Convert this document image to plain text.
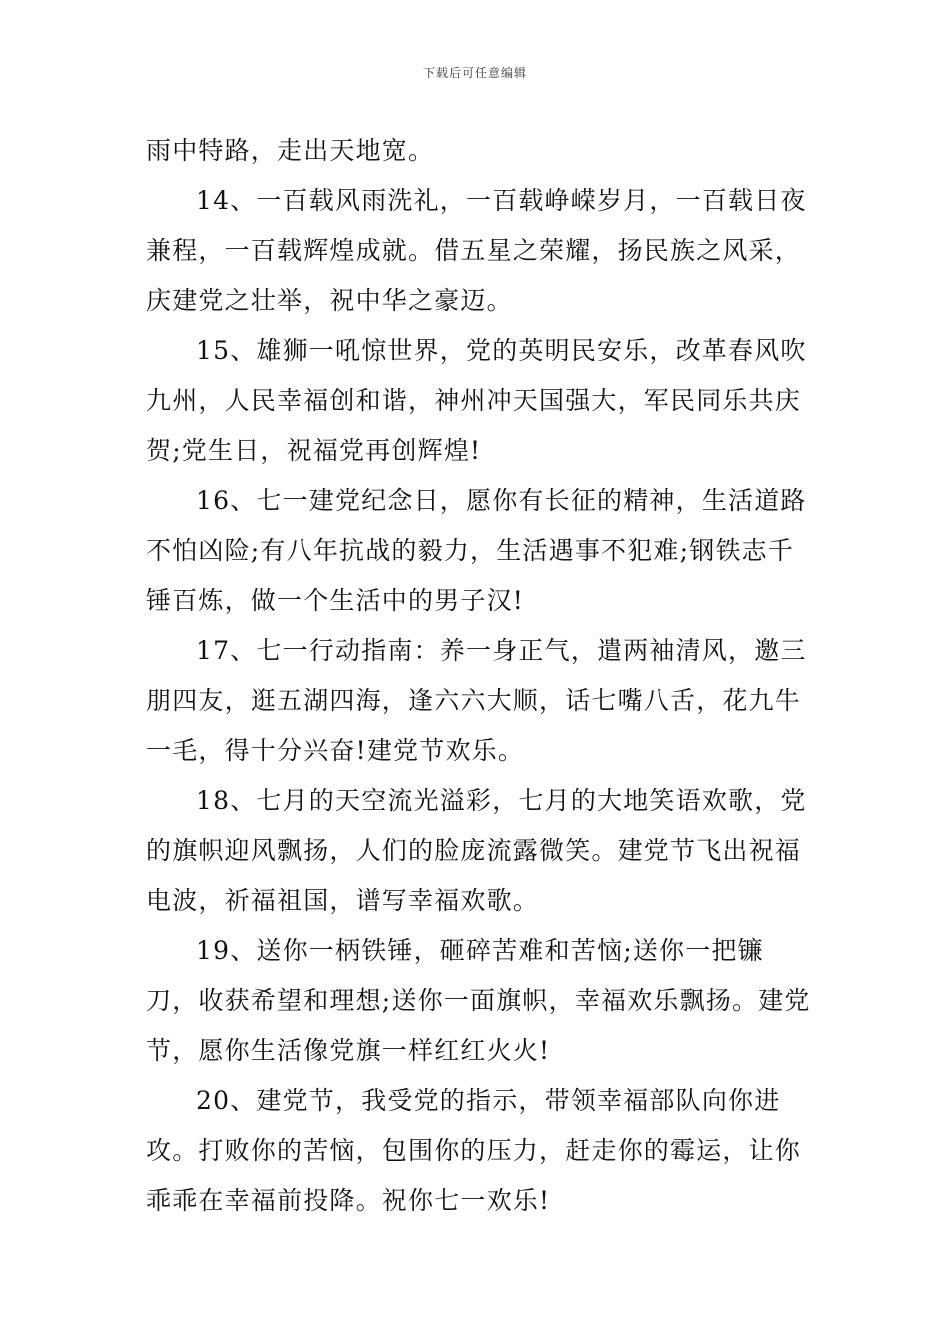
下载后可任意编辑

雨中特路，走出天地宽。

14、一百载风雨洗礼，一百载峥嵘岁月，一百载日夜兼程，一百载辉煌成就。借五星之荣耀，扬民族之风采，庆建党之壮举，祝中华之豪迈。

15、雄狮一吼惊世界，党的英明民安乐，改革春风吹九州，人民幸福创和谐，神州冲天国强大，军民同乐共庆贺;党生日，祝福党再创辉煌!

16、七一建党纪念日，愿你有长征的精神，生活道路不怕凶险;有八年抗战的毅力，生活遇事不犯难;钢铁志千锤百炼，做一个生活中的男子汉!

17、七一行动指南：养一身正气，遣两袖清风，邀三朋四友，逛五湖四海，逢六六大顺，话七嘴八舌，花九牛一毛，得十分兴奋!建党节欢乐。

18、七月的天空流光溢彩，七月的大地笑语欢歌，党的旗帜迎风飘扬，人们的脸庞流露微笑。建党节飞出祝福电波，祈福祖国，谱写幸福欢歌。

19、送你一柄铁锤，砸碎苦难和苦恼;送你一把镰刀，收获希望和理想;送你一面旗帜，幸福欢乐飘扬。建党节，愿你生活像党旗一样红红火火!

20、建党节，我受党的指示，带领幸福部队向你进攻。打败你的苦恼，包围你的压力，赶走你的霉运，让你乖乖在幸福前投降。祝你七一欢乐!
